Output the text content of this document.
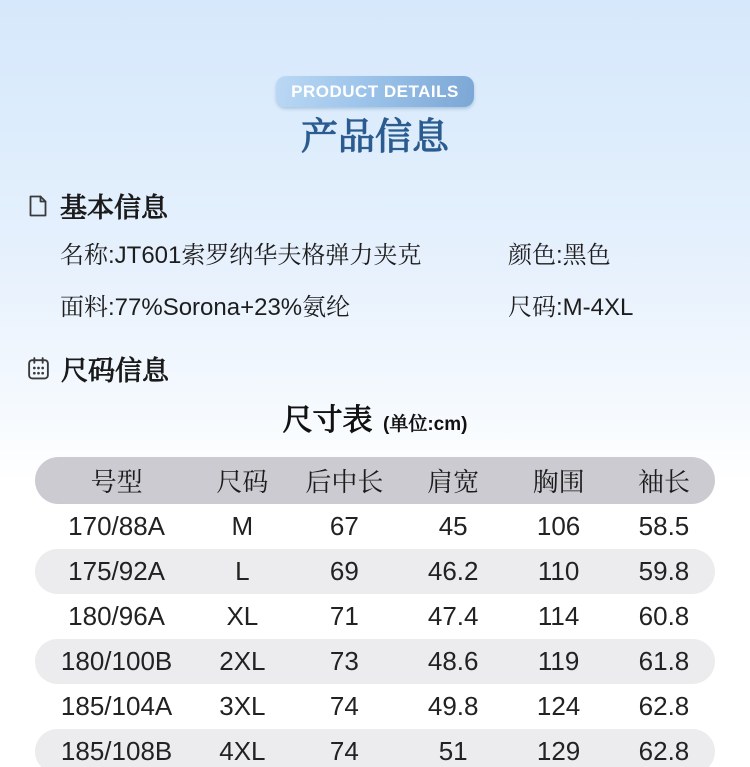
PRODUCT DETAILS
产品信息
基本信息
名称:JT601索罗纳华夫格弹力夹克	颜色:黑色
面料:77%Sorona+23%氨纶	尺码:M-4XL
尺码信息
尺寸表 (单位:cm)
号型	尺码	后中长	肩宽	胸围	袖长
170/88A	M	67	45	106	58.5
175/92A	L	69	46.2	110	59.8
180/96A	XL	71	47.4	114	60.8
180/100B	2XL	73	48.6	119	61.8
185/104A	3XL	74	49.8	124	62.8
185/108B	4XL	74	51	129	62.8
